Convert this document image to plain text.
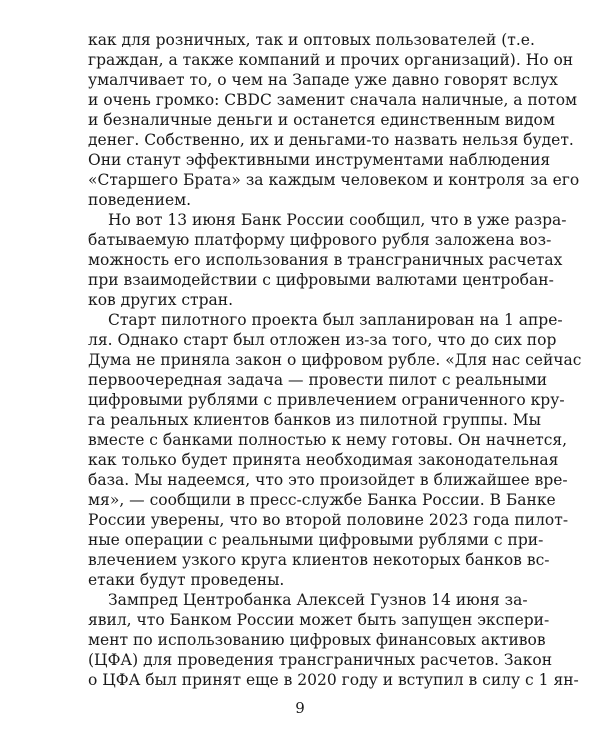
как для розничных, так и оптовых пользователей (т.е.

граждан, а также компаний и прочих организаций). Но он

умалчивает то, о чем на Западе уже давно говорят вслух

и очень громко: CBDC заменит сначала наличные, а потом

и безналичные деньги и останется единственным видом

денег. Собственно, их и деньгами-то назвать нельзя будет.

Они станут эффективными инструментами наблюдения

«Старшего Брата» за каждым человеком и контроля за его

поведением.

Но вот 13 июня Банк России сообщил, что в уже разра-

батываемую платформу цифрового рубля заложена воз-

можность его использования в трансграничных расчетах

при взаимодействии с цифровыми валютами центробан-

ков других стран.

Старт пилотного проекта был запланирован на 1 апре-

ля. Однако старт был отложен из-за того, что до сих пор

Дума не приняла закон о цифровом рубле. «Для нас сейчас

первоочередная задача — провести пилот с реальными

цифровыми рублями с привлечением ограниченного кру-

га реальных клиентов банков из пилотной группы. Мы

вместе с банками полностью к нему готовы. Он начнется,

как только будет принята необходимая законодательная

база. Мы надеемся, что это произойдет в ближайшее вре-

мя», — сообщили в пресс-службе Банка России. В Банке

России уверены, что во второй половине 2023 года пилот-

ные операции с реальными цифровыми рублями с при-

влечением узкого круга клиентов некоторых банков вс-

етаки будут проведены.

Зампред Центробанка Алексей Гузнов 14 июня за-

явил, что Банком России может быть запущен экспери-

мент по использованию цифровых финансовых активов

(ЦФА) для проведения трансграничных расчетов. Закон

о ЦФА был принят еще в 2020 году и вступил в силу с 1 ян-

9
